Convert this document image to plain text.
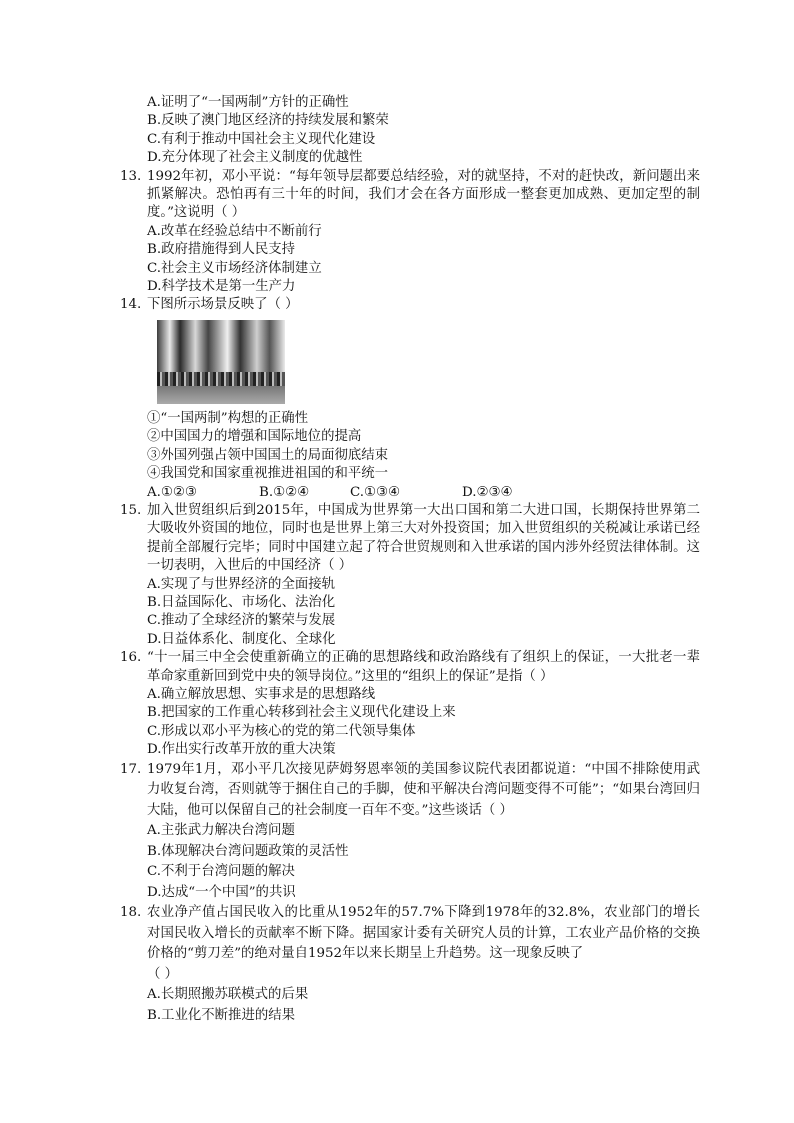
A.证明了“一国两制”方针的正确性
B.反映了澳门地区经济的持续发展和繁荣
C.有利于推动中国社会主义现代化建设
D.充分体现了社会主义制度的优越性
13. 1992年初，邓小平说：“每年领导层都要总结经验，对的就坚持，不对的赶快改，新问题出来抓紧解决。恐怕再有三十年的时间，我们才会在各方面形成一整套更加成熟、更加定型的制度。”这说明（ ）
A.改革在经验总结中不断前行
B.政府措施得到人民支持
C.社会主义市场经济体制建立
D.科学技术是第一生产力
14. 下图所示场景反映了（ ）
①“一国两制”构想的正确性
②中国国力的增强和国际地位的提高
③外国列强占领中国国土的局面彻底结束
④我国党和国家重视推进祖国的和平统一
A.①②③	B.①②④	C.①③④	D.②③④
15. 加入世贸组织后到2015年，中国成为世界第一大出口国和第二大进口国，长期保持世界第二大吸收外资国的地位，同时也是世界上第三大对外投资国；加入世贸组织的关税减让承诺已经提前全部履行完毕；同时中国建立起了符合世贸规则和入世承诺的国内涉外经贸法律体制。这一切表明，入世后的中国经济（ ）
A.实现了与世界经济的全面接轨
B.日益国际化、市场化、法治化
C.推动了全球经济的繁荣与发展
D.日益体系化、制度化、全球化
16. “十一届三中全会使重新确立的正确的思想路线和政治路线有了组织上的保证，一大批老一辈革命家重新回到党中央的领导岗位。”这里的“组织上的保证”是指（ ）
A.确立解放思想、实事求是的思想路线
B.把国家的工作重心转移到社会主义现代化建设上来
C.形成以邓小平为核心的党的第二代领导集体
D.作出实行改革开放的重大决策
17. 1979年1月，邓小平几次接见萨姆努恩率领的美国参议院代表团都说道：“中国不排除使用武力收复台湾，否则就等于捆住自己的手脚，使和平解决台湾问题变得不可能”；“如果台湾回归大陆，他可以保留自己的社会制度一百年不变。”这些谈话（ ）
A.主张武力解决台湾问题
B.体现解决台湾问题政策的灵活性
C.不利于台湾问题的解决
D.达成“一个中国”的共识
18. 农业净产值占国民收入的比重从1952年的57.7%下降到1978年的32.8%，农业部门的增长对国民收入增长的贡献率不断下降。据国家计委有关研究人员的计算，工农业产品价格的交换价格的“剪刀差”的绝对量自1952年以来长期呈上升趋势。这一现象反映了
（ ）
A.长期照搬苏联模式的后果
B.工业化不断推进的结果
